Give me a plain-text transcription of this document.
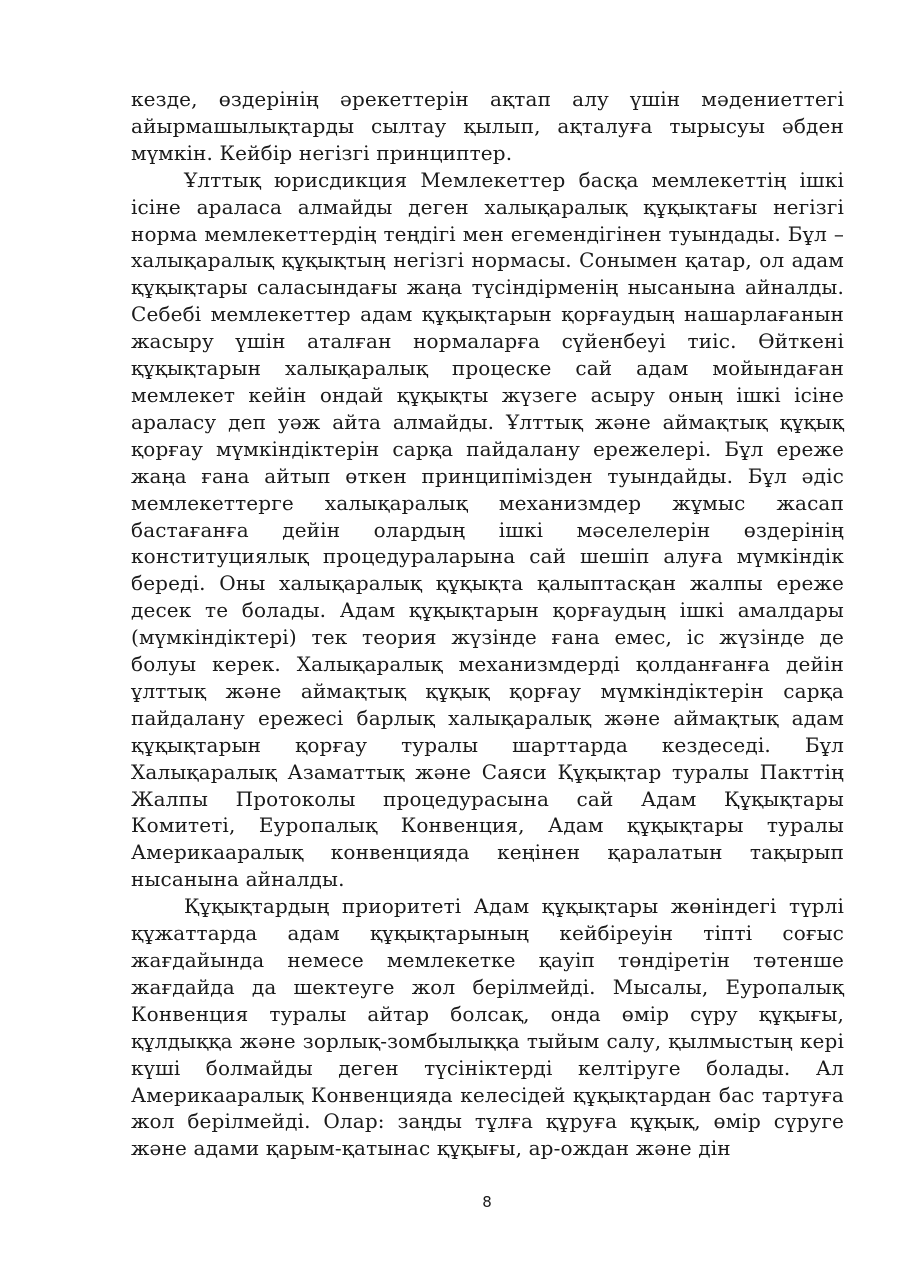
кезде, өздерінің әрекеттерін ақтап алу үшін мәдениеттегі айырмашылықтарды сылтау қылып, ақталуға тырысуы әбден мүмкін. Кейбір негізгі принциптер.

Ұлттық юрисдикция Мемлекеттер басқа мемлекеттің ішкі ісіне араласа алмайды деген халықаралық құқықтағы негізгі норма мемлекеттердің теңдігі мен егемендігінен туындады. Бұл – халықаралық құқықтың негізгі нормасы. Сонымен қатар, ол адам құқықтары саласындағы жаңа түсіндірменің нысанына айналды. Себебі мемлекеттер адам құқықтарын қорғаудың нашарлағанын жасыру үшін аталған нормаларға сүйенбеуі тиіс. Өйткені құқықтарын халықаралық процеске сай адам мойындаған мемлекет кейін ондай құқықты жүзеге асыру оның ішкі ісіне араласу деп уәж айта алмайды. Ұлттық және аймақтық құқық қорғау мүмкіндіктерін сарқа пайдалану ережелері. Бұл ереже жаңа ғана айтып өткен принципімізден туындайды. Бұл әдіс мемлекеттерге халықаралық механизмдер жұмыс жасап бастағанға дейін олардың ішкі мәселелерін өздерінің конституциялық процедураларына сай шешіп алуға мүмкіндік береді. Оны халықаралық құқықта қалыптасқан жалпы ереже десек те болады. Адам құқықтарын қорғаудың ішкі амалдары (мүмкіндіктері) тек теория жүзінде ғана емес, іс жүзінде де болуы керек. Халықаралық механизмдерді қолданғанға дейін ұлттық және аймақтық құқық қорғау мүмкіндіктерін сарқа пайдалану ережесі барлық халықаралық және аймақтық адам құқықтарын қорғау туралы шарттарда кездеседі. Бұл Халықаралық Азаматтық және Саяси Құқықтар туралы Пакттің Жалпы Протоколы процедурасына сай Адам Құқықтары Комитеті, Еуропалық Конвенция, Адам құқықтары туралы Америкааралық конвенцияда кеңінен қаралатын тақырып нысанына айналды.

Құқықтардың приоритеті Адам құқықтары жөніндегі түрлі құжаттарда адам құқықтарының кейбіреуін тіпті соғыс жағдайында немесе мемлекетке қауіп төндіретін төтенше жағдайда да шектеуге жол берілмейді. Мысалы, Еуропалық Конвенция туралы айтар болсақ, онда өмір сүру құқығы, құлдыққа және зорлық-зомбылыққа тыйым салу, қылмыстың кері күші болмайды деген түсініктерді келтіруге болады. Ал Америкааралық Конвенцияда келесідей құқықтардан бас тартуға жол берілмейді. Олар: заңды тұлға құруға құқық, өмір сүруге және адами қарым-қатынас құқығы, ар-ождан және дін

8
